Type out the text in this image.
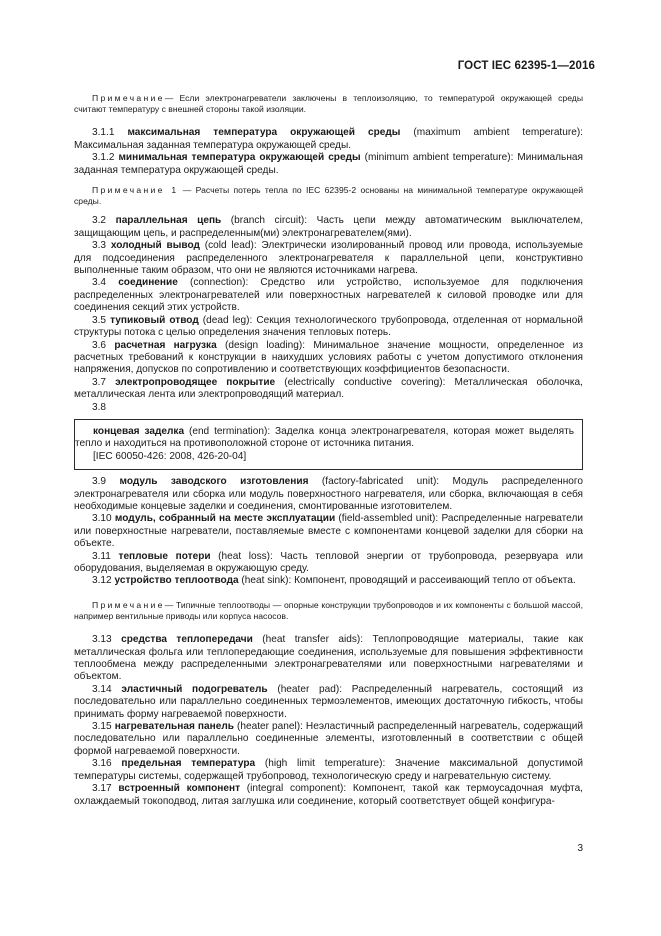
ГОСТ IEC 62395-1—2016

Примечание— Если электронагреватели заключены в теплоизоляцию, то температурой окружающей среды считают температуру с внешней стороны такой изоляции.

3.1.1 максимальная температура окружающей среды (maximum ambient temperature): Максимальная заданная температура окружающей среды.

3.1.2 минимальная температура окружающей среды (minimum ambient temperature): Минимальная заданная температура окружающей среды.

Примечание 1 — Расчеты потерь тепла по IEC 62395-2 основаны на минимальной температуре окружающей среды.

3.2 параллельная цепь (branch circuit): Часть цепи между автоматическим выключателем, защищающим цепь, и распределенным(ми) электронагревателем(ями).

3.3 холодный вывод (cold lead): Электрически изолированный провод или провода, используемые для подсоединения распределенного электронагревателя к параллельной цепи, конструктивно выполненные таким образом, что они не являются источниками нагрева.

3.4 соединение (connection): Средство или устройство, используемое для подключения распределенных электронагревателей или поверхностных нагревателей к силовой проводке или для соединения секций этих устройств.

3.5 тупиковый отвод (dead leg): Секция технологического трубопровода, отделенная от нормальной структуры потока с целью определения значения тепловых потерь.

3.6 расчетная нагрузка (design loading): Минимальное значение мощности, определенное из расчетных требований к конструкции в наихудших условиях работы с учетом допустимого отклонения напряжения, допусков по сопротивлению и соответствующих коэффициентов безопасности.

3.7 электропроводящее покрытие (electrically conductive covering): Металлическая оболочка, металлическая лента или электропроводящий материал.

3.8

концевая заделка (end termination): Заделка конца электронагревателя, которая может выделять тепло и находиться на противоположной стороне от источника питания.

[IEC 60050-426: 2008, 426-20-04]

3.9 модуль заводского изготовления (factory-fabricated unit): Модуль распределенного электронагревателя или сборка или модуль поверхностного нагревателя, или сборка, включающая в себя необходимые концевые заделки и соединения, смонтированные изготовителем.

3.10 модуль, собранный на месте эксплуатации (field-assembled unit): Распределенные нагреватели или поверхностные нагреватели, поставляемые вместе с компонентами концевой заделки для сборки на объекте.

3.11 тепловые потери (heat loss): Часть тепловой энергии от трубопровода, резервуара или оборудования, выделяемая в окружающую среду.

3.12 устройство теплоотвода (heat sink): Компонент, проводящий и рассеивающий тепло от объекта.

Примечание— Типичные теплоотводы — опорные конструкции трубопроводов и их компоненты с большой массой, например вентильные приводы или корпуса насосов.

3.13 средства теплопередачи (heat transfer aids): Теплопроводящие материалы, такие как металлическая фольга или теплопередающие соединения, используемые для повышения эффективности теплообмена между распределенными электронагревателями или поверхностными нагревателями и объектом.

3.14 эластичный подогреватель (heater pad): Распределенный нагреватель, состоящий из последовательно или параллельно соединенных термоэлементов, имеющих достаточную гибкость, чтобы принимать форму нагреваемой поверхности.

3.15 нагревательная панель (heater panel): Неэластичный распределенный нагреватель, содержащий последовательно или параллельно соединенные элементы, изготовленный в соответствии с общей формой нагреваемой поверхности.

3.16 предельная температура (high limit temperature): Значение максимальной допустимой температуры системы, содержащей трубопровод, технологическую среду и нагревательную систему.

3.17 встроенный компонент (integral component): Компонент, такой как термоусадочная муфта, охлаждаемый токоподвод, литая заглушка или соединение, который соответствует общей конфигура-

3
